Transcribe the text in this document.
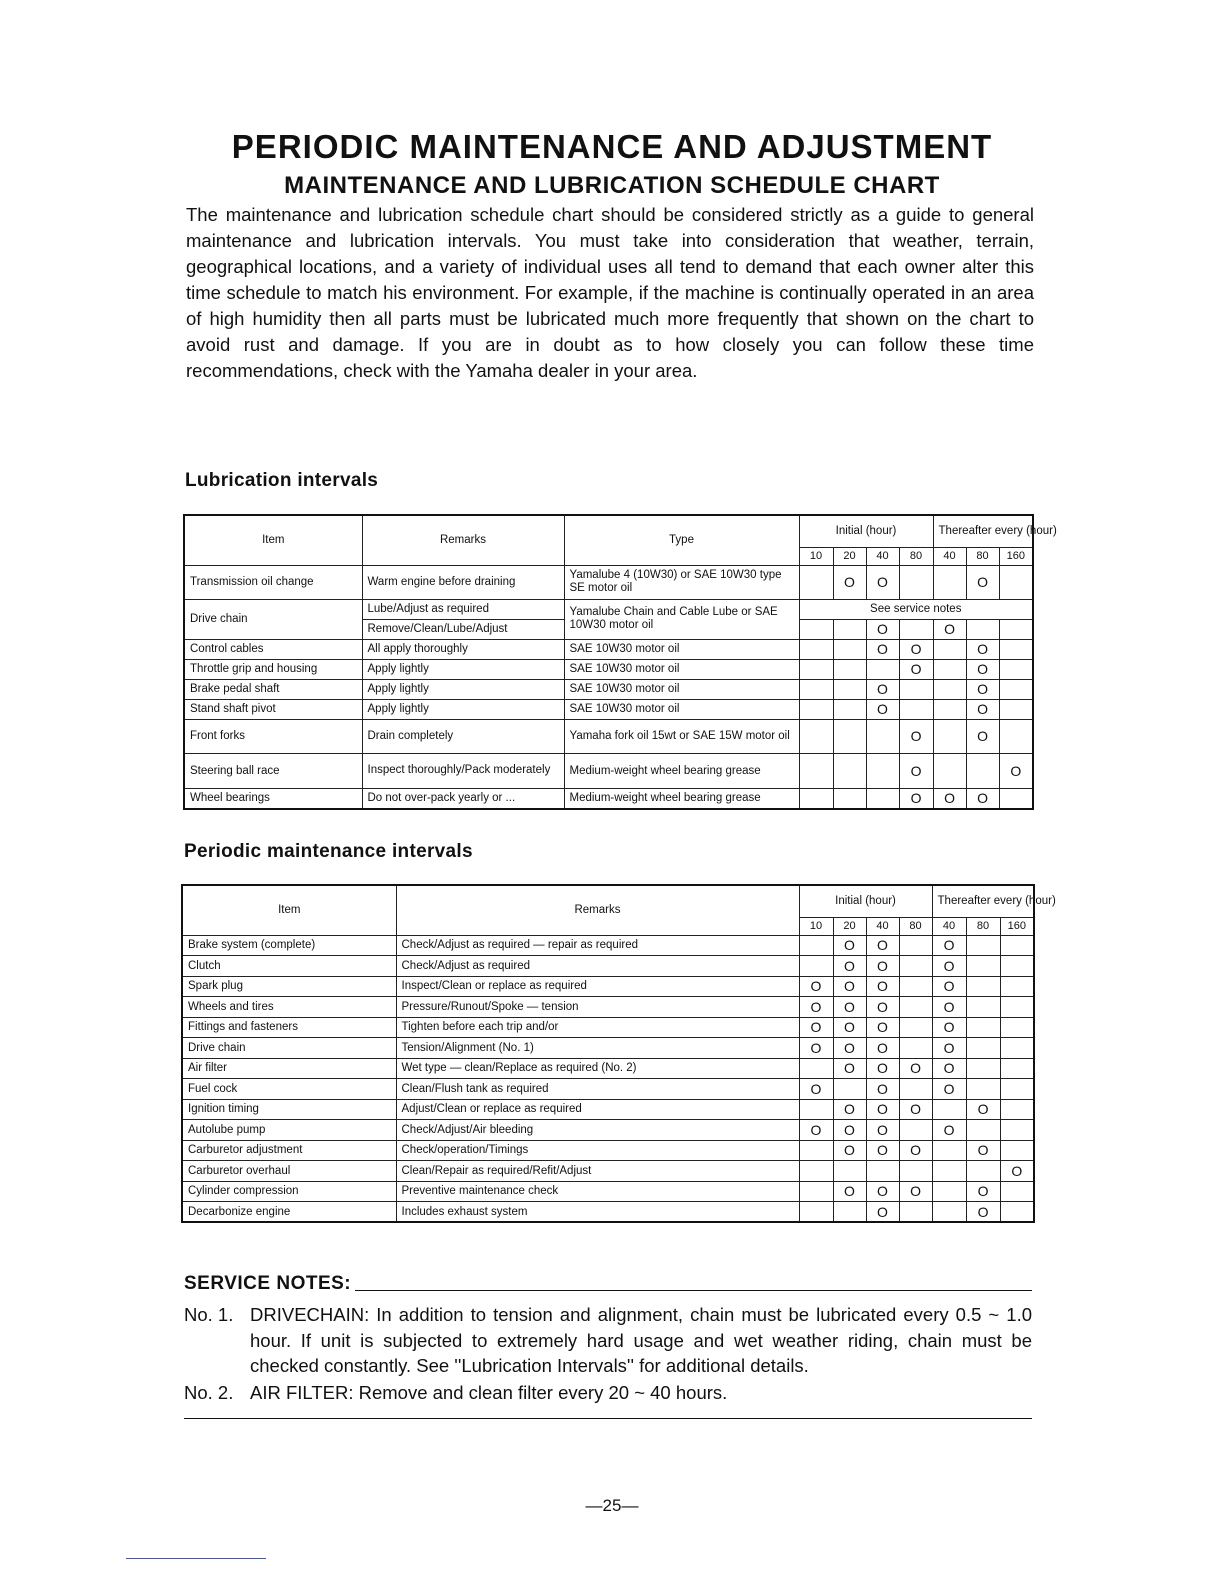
PERIODIC MAINTENANCE AND ADJUSTMENT
MAINTENANCE AND LUBRICATION SCHEDULE CHART

The maintenance and lubrication schedule chart should be considered strictly as a guide to general maintenance and lubrication intervals. You must take into consideration that weather, terrain, geographical locations, and a variety of individual uses all tend to demand that each owner alter this time schedule to match his environment. For example, if the machine is continually operated in an area of high humidity then all parts must be lubricated much more frequently that shown on the chart to avoid rust and damage. If you are in doubt as to how closely you can follow these time recommendations, check with the Yamaha dealer in your area.

Lubrication intervals
Item	Remarks	Type	Initial (hour)				Thereafter every (hour)		
			10	20	40	80	40	80	160
Transmission oil change	Warm engine before draining	Yamalube 4 (10W30) or SAE 10W30 type SE motor oil		O	O			O	
Drive chain	Lube/Adjust as required	Yamalube Chain and Cable Lube or SAE 10W30 motor oil	See service notes						
	Remove/Clean/Lube/Adjust				O		O		
Control cables	All apply thoroughly	SAE 10W30 motor oil			O	O		O	
Throttle grip and housing	Apply lightly	SAE 10W30 motor oil				O		O	
Brake pedal shaft	Apply lightly	SAE 10W30 motor oil			O			O	
Stand shaft pivot	Apply lightly	SAE 10W30 motor oil			O			O	
Front forks	Drain completely	Yamaha fork oil 15wt or SAE 15W motor oil				O		O	
Steering ball race	Inspect thoroughly/Pack moderately	Medium-weight wheel bearing grease				O			O
Wheel bearings	Do not over-pack yearly or ...	Medium-weight wheel bearing grease				O	O	O	
Periodic maintenance intervals
Item	Remarks	Initial (hour)				Thereafter every (hour)		
		10	20	40	80	40	80	160
Brake system (complete)	Check/Adjust as required — repair as required		O	O		O		
Clutch	Check/Adjust as required		O	O		O		
Spark plug	Inspect/Clean or replace as required	O	O	O		O		
Wheels and tires	Pressure/Runout/Spoke — tension	O	O	O		O		
Fittings and fasteners	Tighten before each trip and/or	O	O	O		O		
Drive chain	Tension/Alignment (No. 1)	O	O	O		O		
Air filter	Wet type — clean/Replace as required (No. 2)		O	O	O	O		
Fuel cock	Clean/Flush tank as required	O		O		O		
Ignition timing	Adjust/Clean or replace as required		O	O	O		O	
Autolube pump	Check/Adjust/Air bleeding	O	O	O		O		
Carburetor adjustment	Check/operation/Timings		O	O	O		O	
Carburetor overhaul	Clean/Repair as required/Refit/Adjust							O
Cylinder compression	Preventive maintenance check		O	O	O		O	
Decarbonize engine	Includes exhaust system			O			O	
SERVICE NOTES:
No. 1. DRIVECHAIN: In addition to tension and alignment, chain must be lubricated every 0.5 ~ 1.0 hour. If unit is subjected to extremely hard usage and wet weather riding, chain must be checked constantly. See ''Lubrication Intervals'' for additional details.
No. 2. AIR FILTER: Remove and clean filter every 20 ~ 40 hours.
—25—
